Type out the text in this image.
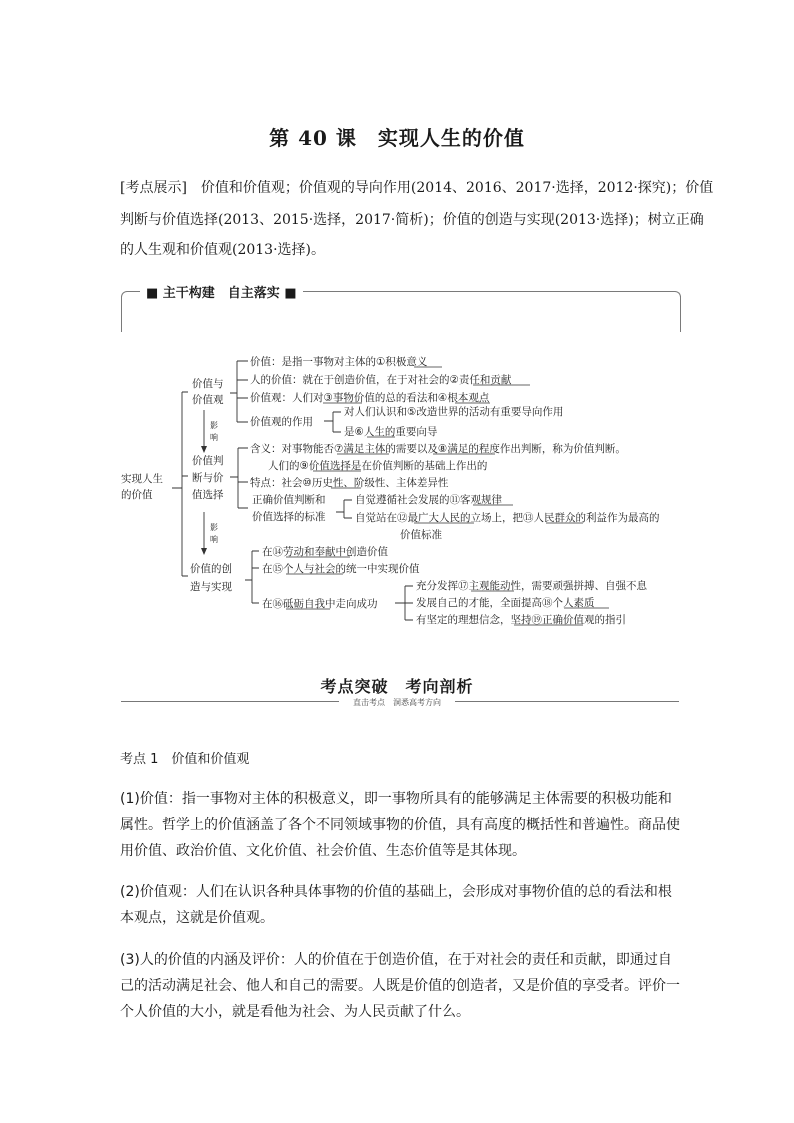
第 40 课　实现人生的价值
[考点展示]　价值和价值观；价值观的导向作用(2014、2016、2017·选择，2012·探究)；价值
判断与价值选择(2013、2015·选择，2017·简析)；价值的创造与实现(2013·选择)；树立正确
的人生观和价值观(2013·选择)。
■ 主干构建　自主落实 ■
实现人生
的价值
价值与
价值观
价值：是指一事物对主体的①积极意义
人的价值：就在于创造价值，在于对社会的②责任和贡献
价值观：人们对③事物价值的总的看法和④根本观点
价值观的作用
对人们认识和⑤改造世界的活动有重要导向作用
是⑥人生的重要向导
影
响
价值判
断与价
值选择
含义：对事物能否⑦满足主体的需要以及⑧满足的程度作出判断，称为价值判断。
人们的⑨价值选择是在价值判断的基础上作出的
特点：社会⑩历史性、阶级性、主体差异性
正确价值判断和
价值选择的标准
自觉遵循社会发展的⑪客观规律
自觉站在⑫最广大人民的立场上，把⑬人民群众的利益作为最高的
价值标准
影
响
价值的创
造与实现
在⑭劳动和奉献中创造价值
在⑮个人与社会的统一中实现价值
在⑯砥砺自我中走向成功
充分发挥⑰主观能动性，需要顽强拼搏、自强不息
发展自己的才能，全面提高⑱个人素质
有坚定的理想信念，坚持⑲正确价值观的指引
考点突破　考向剖析
直击考点　洞悉高考方向
考点 1　价值和价值观
(1)价值：指一事物对主体的积极意义，即一事物所具有的能够满足主体需要的积极功能和属性。哲学上的价值涵盖了各个不同领域事物的价值，具有高度的概括性和普遍性。商品使用价值、政治价值、文化价值、社会价值、生态价值等是其体现。
(2)价值观：人们在认识各种具体事物的价值的基础上，会形成对事物价值的总的看法和根本观点，这就是价值观。
(3)人的价值的内涵及评价：人的价值在于创造价值，在于对社会的责任和贡献，即通过自己的活动满足社会、他人和自己的需要。人既是价值的创造者，又是价值的享受者。评价一个人价值的大小，就是看他为社会、为人民贡献了什么。
